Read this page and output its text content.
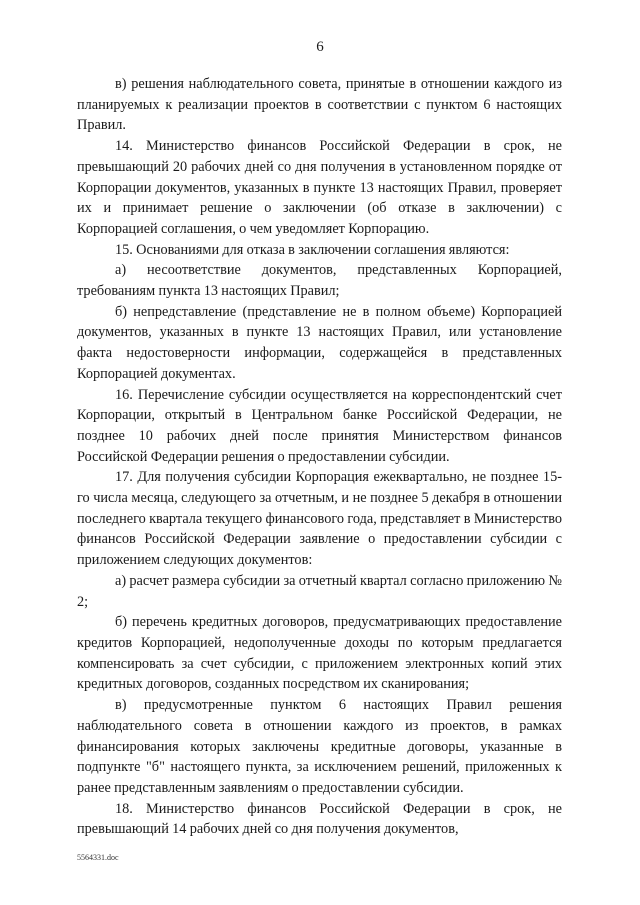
6

в) решения наблюдательного совета, принятые в отношении каждого из планируемых к реализации проектов в соответствии с пунктом 6 настоящих Правил.

14. Министерство финансов Российской Федерации в срок, не превышающий 20 рабочих дней со дня получения в установленном порядке от Корпорации документов, указанных в пункте 13 настоящих Правил, проверяет их и принимает решение о заключении (об отказе в заключении) с Корпорацией соглашения, о чем уведомляет Корпорацию.

15. Основаниями для отказа в заключении соглашения являются:

а) несоответствие документов, представленных Корпорацией, требованиям пункта 13 настоящих Правил;

б) непредставление (представление не в полном объеме) Корпорацией документов, указанных в пункте 13 настоящих Правил, или установление факта недостоверности информации, содержащейся в представленных Корпорацией документах.

16. Перечисление субсидии осуществляется на корреспондентский счет Корпорации, открытый в Центральном банке Российской Федерации, не позднее 10 рабочих дней после принятия Министерством финансов Российской Федерации решения о предоставлении субсидии.

17. Для получения субсидии Корпорация ежеквартально, не позднее 15-го числа месяца, следующего за отчетным, и не позднее 5 декабря в отношении последнего квартала текущего финансового года, представляет в Министерство финансов Российской Федерации заявление о предоставлении субсидии с приложением следующих документов:

а) расчет размера субсидии за отчетный квартал согласно приложению № 2;

б) перечень кредитных договоров, предусматривающих предоставление кредитов Корпорацией, недополученные доходы по которым предлагается компенсировать за счет субсидии, с приложением электронных копий этих кредитных договоров, созданных посредством их сканирования;

в) предусмотренные пунктом 6 настоящих Правил решения наблюдательного совета в отношении каждого из проектов, в рамках финансирования которых заключены кредитные договоры, указанные в подпункте "б" настоящего пункта, за исключением решений, приложенных к ранее представленным заявлениям о предоставлении субсидии.

18. Министерство финансов Российской Федерации в срок, не превышающий 14 рабочих дней со дня получения документов,

5564331.doc
